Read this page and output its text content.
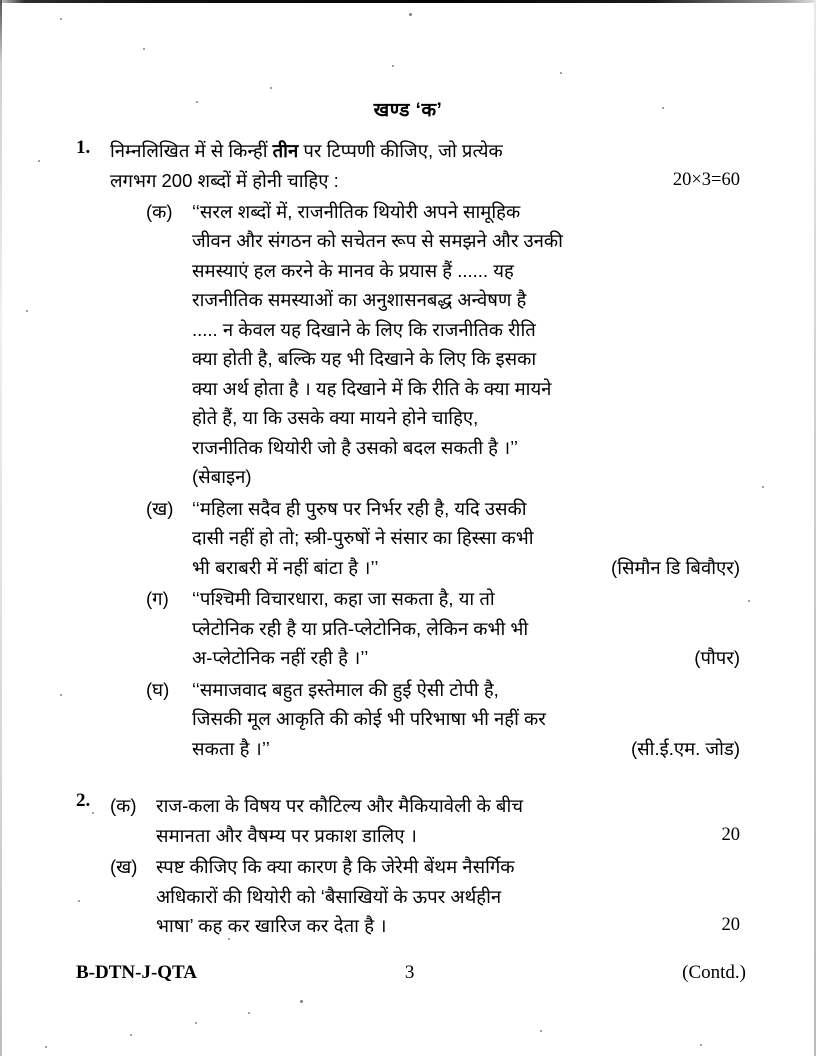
खण्ड ‘क’
1.	निम्नलिखित में से किन्हीं तीन पर टिप्पणी कीजिए, जो प्रत्येक
लगभग 200 शब्दों में होनी चाहिए :	20×3=60
(क)	‘‘सरल शब्दों में, राजनीतिक थियोरी अपने सामूहिक
जीवन और संगठन को सचेतन रूप से समझने और उनकी
समस्याएं हल करने के मानव के प्रयास हैं ...... यह
राजनीतिक समस्याओं का अनुशासनबद्ध अन्वेषण है
..... न केवल यह दिखाने के लिए कि राजनीतिक रीति
क्या होती है, बल्कि यह भी दिखाने के लिए कि इसका
क्या अर्थ होता है । यह दिखाने में कि रीति के क्या मायने
होते हैं, या कि उसके क्या मायने होने चाहिए,
राजनीतिक थियोरी जो है उसको बदल सकती है ।’’
(सेबाइन)
(ख)	‘‘महिला सदैव ही पुरुष पर निर्भर रही है, यदि उसकी
दासी नहीं हो तो; स्त्री-पुरुषों ने संसार का हिस्सा कभी
भी बराबरी में नहीं बांटा है ।’’	(सिमौन डि बिवौएर)
(ग)	‘‘पश्चिमी विचारधारा, कहा जा सकता है, या तो
प्लेटोनिक रही है या प्रति-प्लेटोनिक, लेकिन कभी भी
अ-प्लेटोनिक नहीं रही है ।’’	(पौपर)
(घ)	‘‘समाजवाद बहुत इस्तेमाल की हुई ऐसी टोपी है,
जिसकी मूल आकृति की कोई भी परिभाषा भी नहीं कर
सकता है ।’’	(सी.ई.एम. जोड)
2.	(क)	राज-कला के विषय पर कौटिल्य और मैकियावेली के बीच
समानता और वैषम्य पर प्रकाश डालिए ।	20
(ख)	स्पष्ट कीजिए कि क्या कारण है कि जेरेमी बेंथम नैसर्गिक
अधिकारों की थियोरी को ‘बैसाखियों के ऊपर अर्थहीन
भाषा’ कह कर खारिज कर देता है ।	20
B-DTN-J-QTA	3	(Contd.)
